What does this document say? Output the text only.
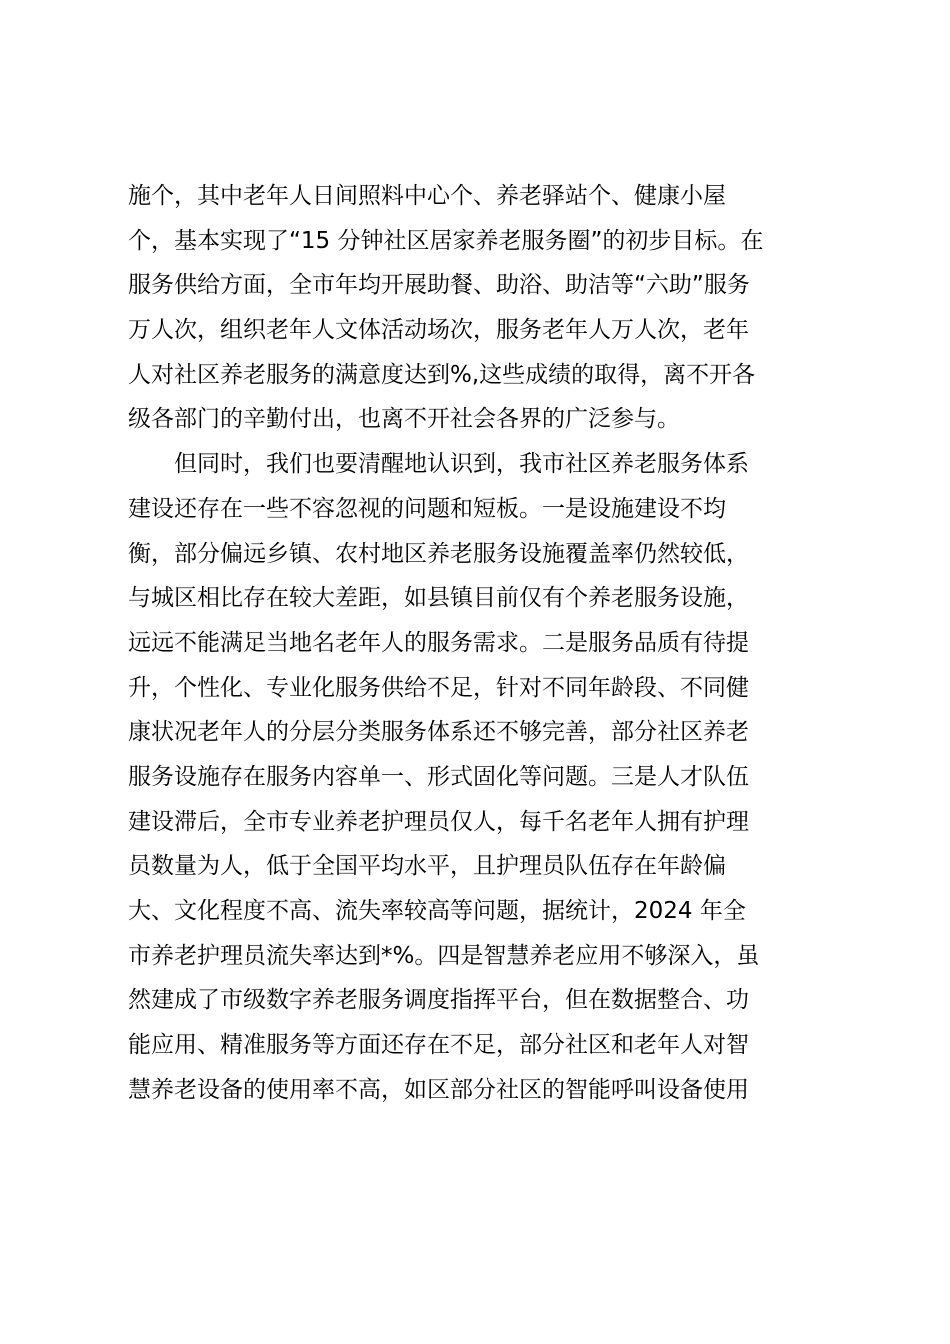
施个，其中老年人日间照料中心个、养老驿站个、健康小屋
个，基本实现了“15 分钟社区居家养老服务圈”的初步目标。在
服务供给方面，全市年均开展助餐、助浴、助洁等“六助”服务
万人次，组织老年人文体活动场次，服务老年人万人次，老年
人对社区养老服务的满意度达到%,这些成绩的取得，离不开各
级各部门的辛勤付出，也离不开社会各界的广泛参与。
但同时，我们也要清醒地认识到，我市社区养老服务体系
建设还存在一些不容忽视的问题和短板。一是设施建设不均
衡，部分偏远乡镇、农村地区养老服务设施覆盖率仍然较低，
与城区相比存在较大差距，如县镇目前仅有个养老服务设施，
远远不能满足当地名老年人的服务需求。二是服务品质有待提
升，个性化、专业化服务供给不足，针对不同年龄段、不同健
康状况老年人的分层分类服务体系还不够完善，部分社区养老
服务设施存在服务内容单一、形式固化等问题。三是人才队伍
建设滞后，全市专业养老护理员仅人，每千名老年人拥有护理
员数量为人，低于全国平均水平，且护理员队伍存在年龄偏
大、文化程度不高、流失率较高等问题，据统计，2024 年全
市养老护理员流失率达到*%。四是智慧养老应用不够深入，虽
然建成了市级数字养老服务调度指挥平台，但在数据整合、功
能应用、精准服务等方面还存在不足，部分社区和老年人对智
慧养老设备的使用率不高，如区部分社区的智能呼叫设备使用
